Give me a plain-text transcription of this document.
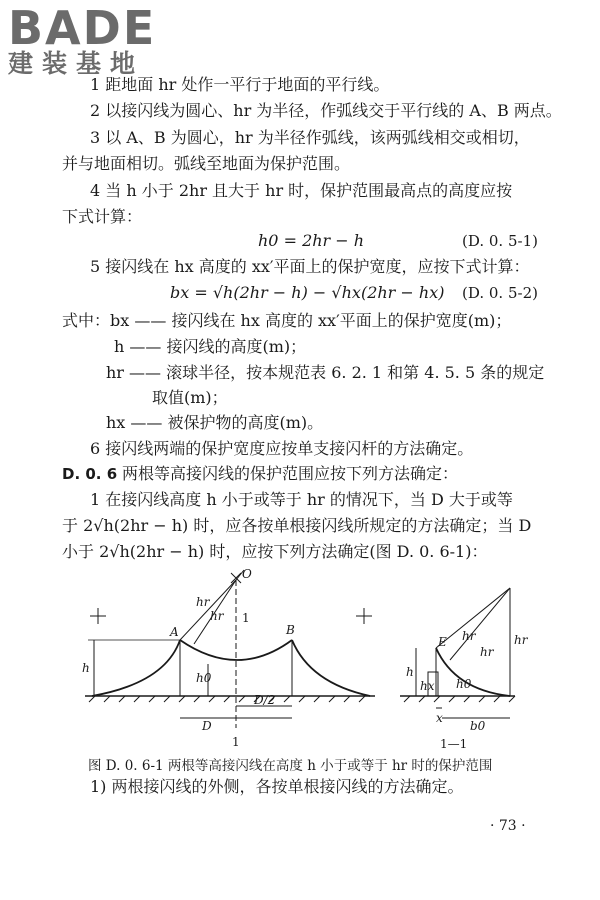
BADE
建装基地
1 距地面 hr 处作一平行于地面的平行线。
2 以接闪线为圆心、hr 为半径，作弧线交于平行线的 A、B 两点。
3 以 A、B 为圆心，hr 为半径作弧线，该两弧线相交或相切，
并与地面相切。弧线至地面为保护范围。
4 当 h 小于 2hr 且大于 hr 时，保护范围最高点的高度应按
下式计算：
h0 = 2hr − h	(D. 0. 5-1)
5 接闪线在 hx 高度的 xx′平面上的保护宽度，应按下式计算：
bx = √h(2hr − h) − √hx(2hr − hx) (D. 0. 5-2)
式中：bx —— 接闪线在 hx 高度的 xx′平面上的保护宽度(m)；
h —— 接闪线的高度(m)；
hr —— 滚球半径，按本规范表 6. 2. 1 和第 4. 5. 5 条的规定
取值(m)；
hx —— 被保护物的高度(m)。
6 接闪线两端的保护宽度应按单支接闪杆的方法确定。
D. 0. 6 两根等高接闪线的保护范围应按下列方法确定：
1 在接闪线高度 h 小于或等于 hr 的情况下，当 D 大于或等
于 2√h(2hr − h) 时，应各按单根接闪线所规定的方法确定；当 D
小于 2√h(2hr − h) 时，应按下列方法确定(图 D. 0. 6-1)：
O
A	B
hr
hr 1
h
h0
D
D/2
1
E hr
hr
hr
h
hx h0
x
b0
1—1
图 D. 0. 6-1 两根等高接闪线在高度 h 小于或等于 hr 时的保护范围
1) 两根接闪线的外侧，各按单根接闪线的方法确定。
· 73 ·
